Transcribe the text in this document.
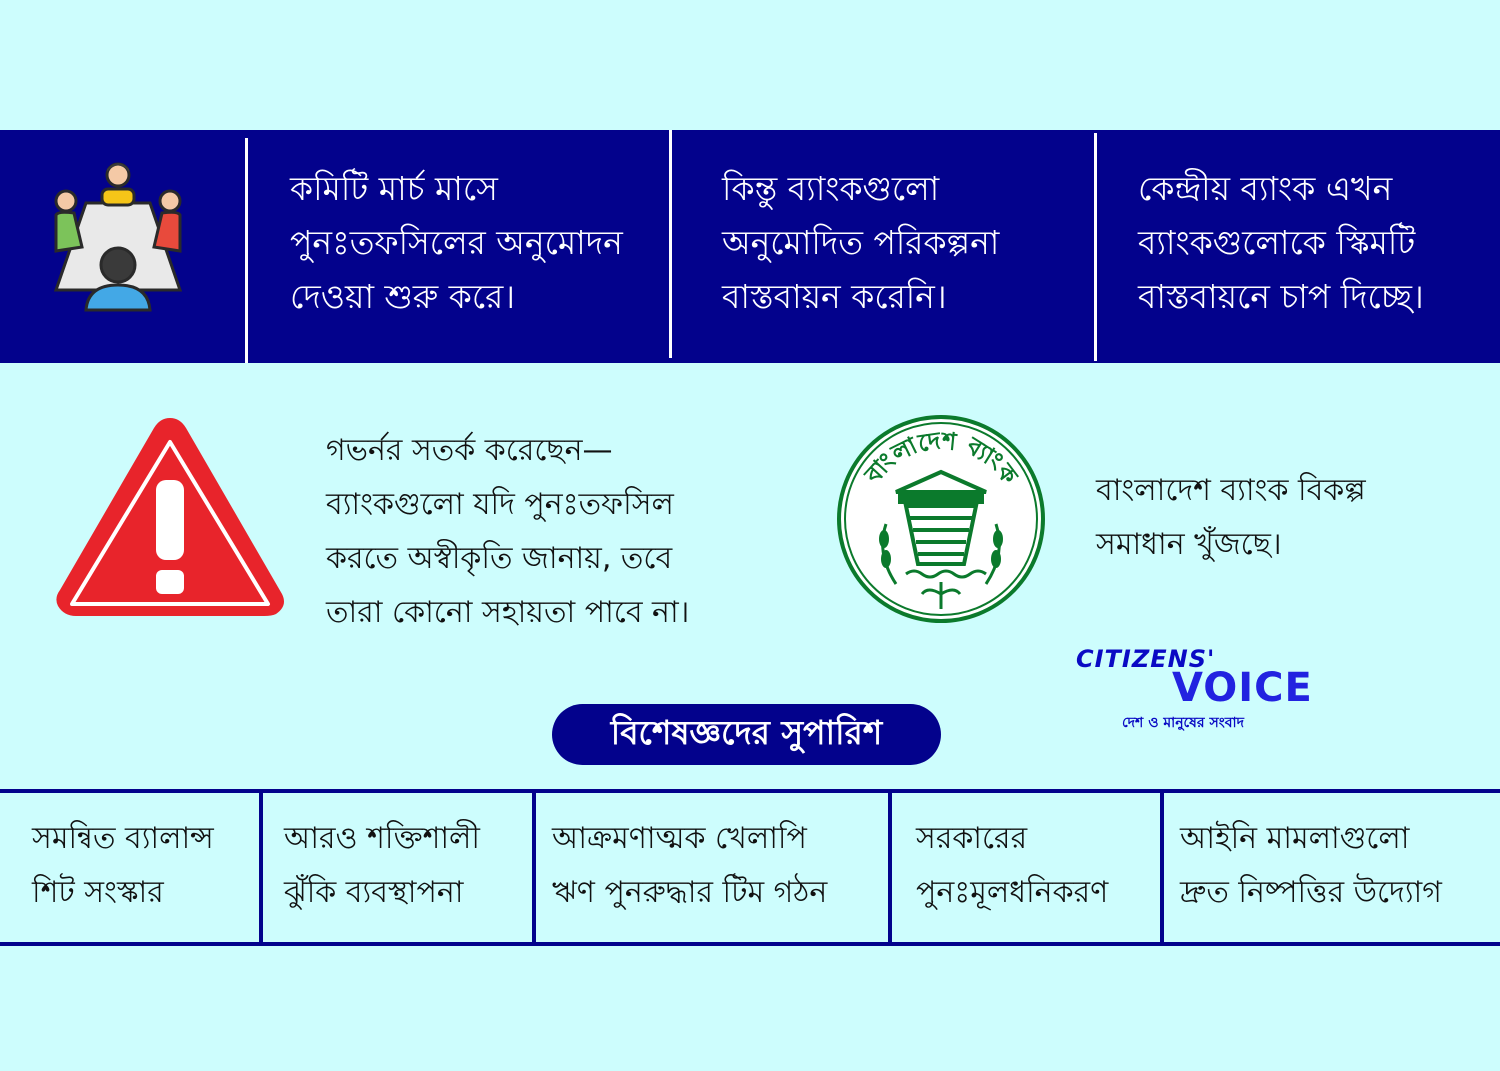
কমিটি মার্চ মাসে
পুনঃতফসিলের অনুমোদন
দেওয়া শুরু করে।

কিন্তু ব্যাংকগুলো
অনুমোদিত পরিকল্পনা
বাস্তবায়ন করেনি।

কেন্দ্রীয় ব্যাংক এখন
ব্যাংকগুলোকে স্কিমটি
বাস্তবায়নে চাপ দিচ্ছে।

গভর্নর সতর্ক করেছেন—
ব্যাংকগুলো যদি পুনঃতফসিল
করতে অস্বীকৃতি জানায়, তবে
তারা কোনো সহায়তা পাবে না।

বাংলাদেশ ব্যাংক বাংলাদেশ ব্যাংক বিকল্প
সমাধান খুঁজছে।

CITIZENS'

VOICE

দেশ ও মানুষের সংবাদ

বিশেষজ্ঞদের সুপারিশ

সমন্বিত ব্যালান্স
শিট সংস্কার

আরও শক্তিশালী
ঝুঁকি ব্যবস্থাপনা

আক্রমণাত্মক খেলাপি
ঋণ পুনরুদ্ধার টিম গঠন

সরকারের
পুনঃমূলধনিকরণ

আইনি মামলাগুলো
দ্রুত নিষ্পত্তির উদ্যোগ
